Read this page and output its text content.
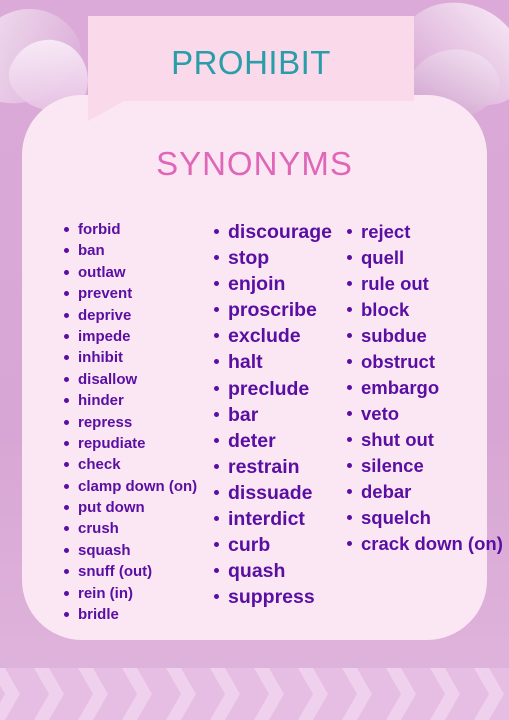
PROHIBIT
SYNONYMS
forbid
ban
outlaw
prevent
deprive
impede
inhibit
disallow
hinder
repress
repudiate
check
clamp down (on)
put down
crush
squash
snuff (out)
rein (in)
bridle
discourage
stop
enjoin
proscribe
exclude
halt
preclude
bar
deter
restrain
dissuade
interdict
curb
quash
suppress
reject
quell
rule out
block
subdue
obstruct
embargo
veto
shut out
silence
debar
squelch
crack down (on)
